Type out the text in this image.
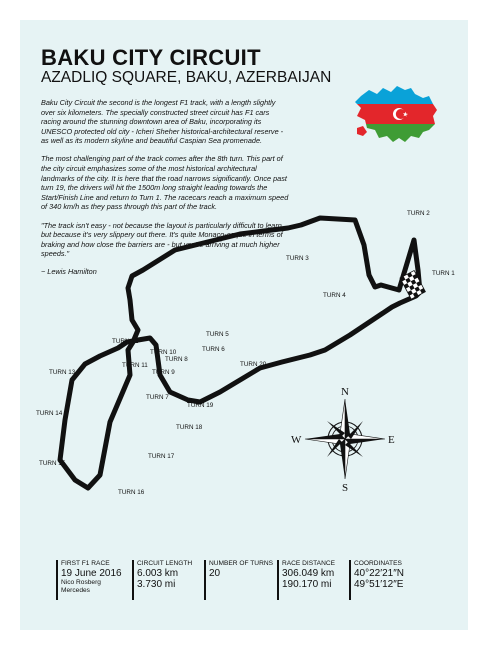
BAKU CITY CIRCUIT
AZADLIQ SQUARE, BAKU, AZERBAIJAN

Baku City Circuit the second is the longest F1 track, with a length slightly over six kilometers. The specially constructed street circuit has F1 cars racing around the stunning downtown area of Baku, incorporating its UNESCO protected old city - Icheri Sheher historical-architectural reserve - as well as its modern skyline and beautiful Caspian Sea promenade.

The most challenging part of the track comes after the 8th turn. This part of the city circuit emphasizes some of the most historical architectural landmarks of the city. It is here that the road narrows significantly. Once past turn 19, the drivers will hit the 1500m long straight leading towards the Start/Finish Line and return to Turn 1. The racecars reach a maximum speed of 340 km/h as they pass through this part of the track.

"The track isn't easy - not because the layout is particularly difficult to learn but because it's very slippery out there. It's quite Monaco-esque in terms of braking and how close the barriers are - but you're arriving at much higher speeds."

~ Lewis Hamilton	TURN 1
TURN 2
TURN 3
TURN 4
TURN 5
TURN 6
TURN 7
TURN 8
TURN 9
TURN 10
TURN 11
TURN 12
TURN 13
TURN 14
TURN 15
TURN 16
TURN 17
TURN 18
TURN 19
TURN 20
N
E
S
W
FIRST F1 RACE
19 June 2016
Nico Rosberg
Mercedes
CIRCUIT LENGTH
6.003 km
3.730 mi
NUMBER OF TURNS
20
RACE DISTANCE
306.049 km
190.170 mi
COORDINATES
40°22′21″N
49°51′12″E
